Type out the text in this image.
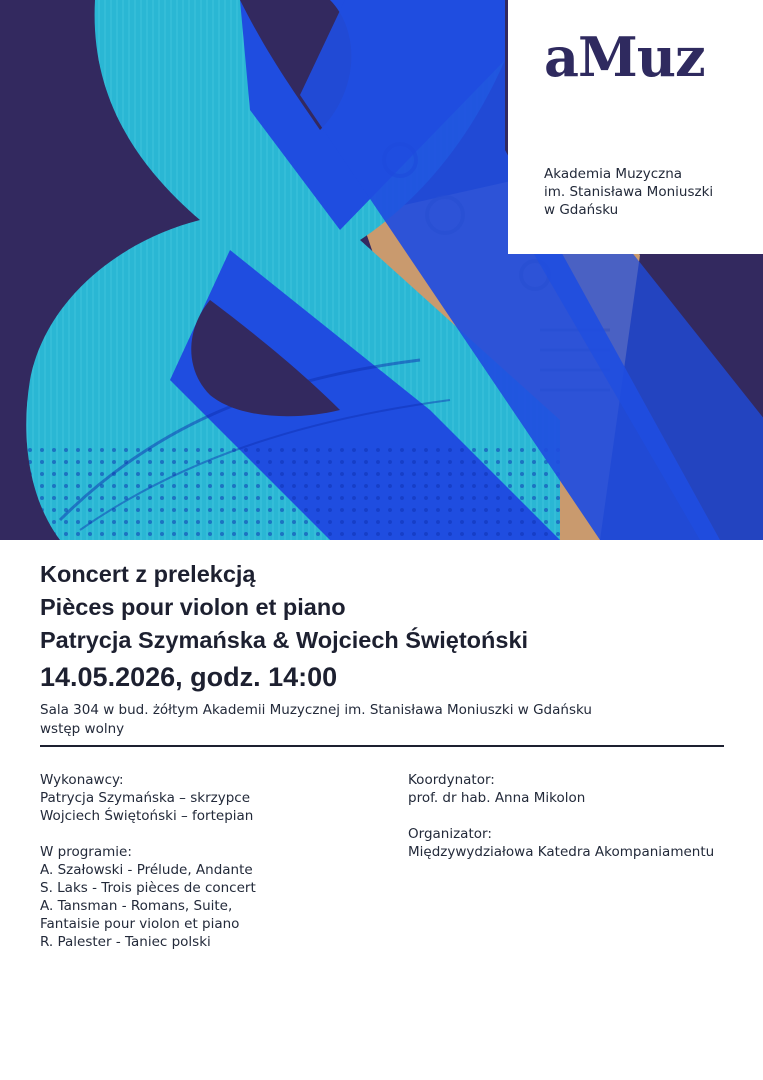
aMuz
Akademia Muzyczna
im. Stanisława Moniuszki
w Gdańsku
Koncert z prelekcją
Pièces pour violon et piano
Patrycja Szymańska & Wojciech Świętoński
14.05.2026, godz. 14:00
Sala 304 w bud. żółtym Akademii Muzycznej im. Stanisława Moniuszki w Gdańsku
wstęp wolny
Wykonawcy:
Patrycja Szymańska – skrzypce
Wojciech Świętoński – fortepian
W programie:
A. Szałowski - Prélude, Andante
S. Laks - Trois pièces de concert
A. Tansman - Romans, Suite,
Fantaisie pour violon et piano
R. Palester - Taniec polski
Koordynator:
prof. dr hab. Anna Mikolon
Organizator:
Międzywydziałowa Katedra Akompaniamentu
